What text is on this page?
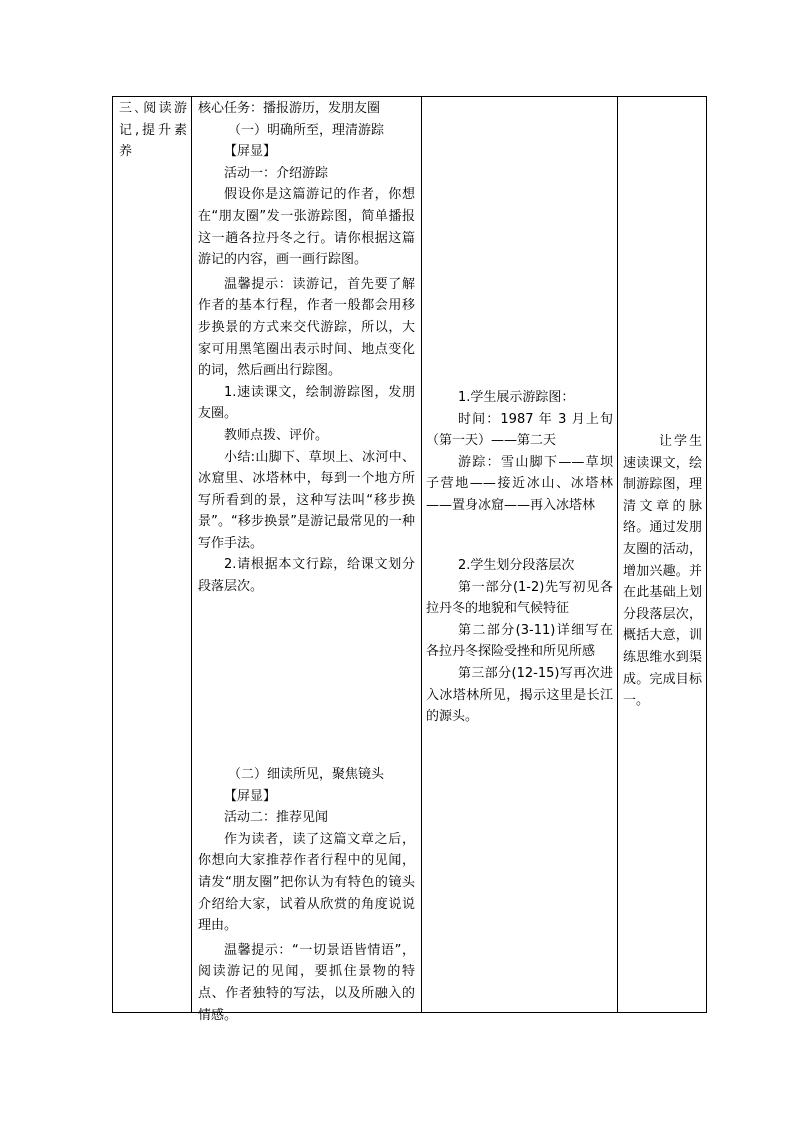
三､阅读游记,提升素养

核心任务：播报游历，发朋友圈
（一）明确所至，理清游踪
【屏显】
活动一：介绍游踪
假设你是这篇游记的作者，你想在“朋友圈”发一张游踪图，简单播报这一趟各拉丹冬之行。请你根据这篇游记的内容，画一画行踪图。
温馨提示：读游记，首先要了解作者的基本行程，作者一般都会用移步换景的方式来交代游踪，所以，大家可用黑笔圈出表示时间、地点变化的词，然后画出行踪图。
1.速读课文，绘制游踪图，发朋友圈。
教师点拨、评价。
小结:山脚下、草坝上、冰河中、冰窟里、冰塔林中，每到一个地方所写所看到的景，这种写法叫“移步换景”。“移步换景”是游记最常见的一种写作手法。
2.请根据本文行踪，给课文划分段落层次。
（二）细读所见，聚焦镜头
【屏显】
活动二：推荐见闻
作为读者，读了这篇文章之后，你想向大家推荐作者行程中的见闻，请发“朋友圈”把你认为有特色的镜头介绍给大家，试着从欣赏的角度说说理由。
温馨提示：“一切景语皆情语”，阅读游记的见闻，要抓住景物的特点、作者独特的写法，以及所融入的情感。

1.学生展示游踪图：
时间：1987 年 3 月上旬（第一天）——第二天
游踪：雪山脚下——草坝子营地——接近冰山、冰塔林——置身冰窟——再入冰塔林
2.学生划分段落层次
第一部分(1-2)先写初见各拉丹冬的地貌和气候特征
第二部分(3-11)详细写在各拉丹冬探险受挫和所见所感
第三部分(12-15)写再次进入冰塔林所见，揭示这里是长江的源头。

让学生速读课文，绘制游踪图，理清文章的脉络。通过发朋友圈的活动，增加兴趣。并在此基础上划分段落层次，概括大意，训练思维水到渠成。完成目标一。
